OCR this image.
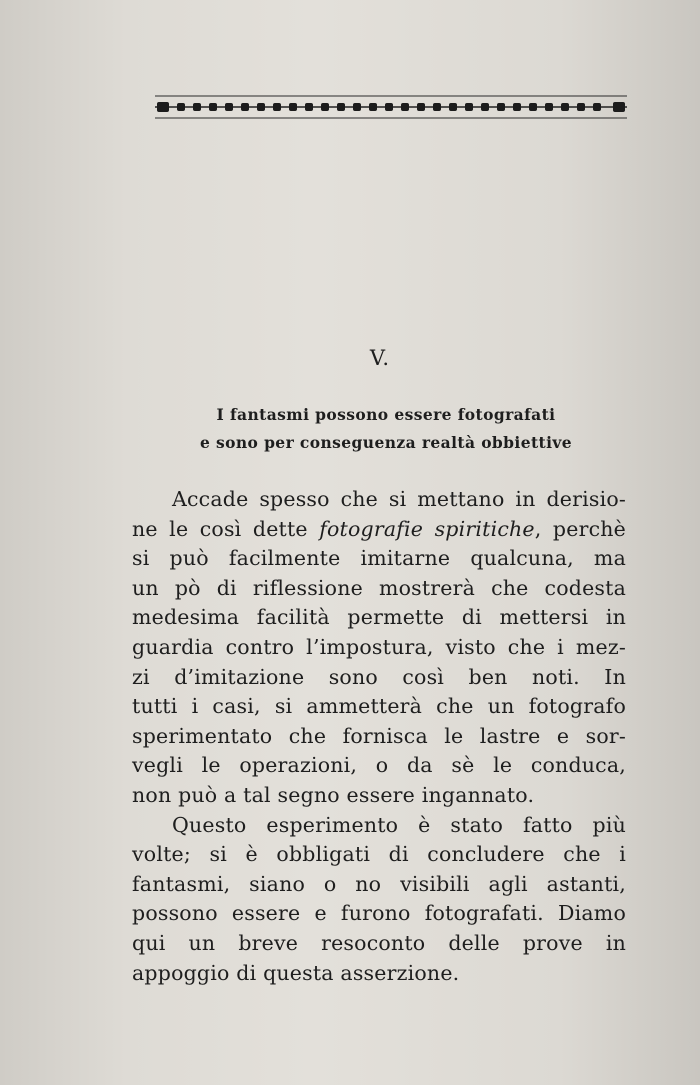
V.
I fantasmi possono essere fotografati
e sono per conseguenza realtà obbiettive
Accade spesso che si mettano in derisio-
ne le così dette fotografie spiritiche, perchè
si può facilmente imitarne qualcuna, ma
un pò di riflessione mostrerà che codesta
medesima facilità permette di mettersi in
guardia contro l’impostura, visto che i mez-
zi d’imitazione sono così ben noti. In
tutti i casi, si ammetterà che un fotografo
sperimentato che fornisca le lastre e sor-
vegli le operazioni, o da sè le conduca,
non può a tal segno essere ingannato.
Questo esperimento è stato fatto più
volte; si è obbligati di concludere che i
fantasmi, siano o no visibili agli astanti,
possono essere e furono fotografati. Diamo
qui un breve resoconto delle prove in
appoggio di questa asserzione.
